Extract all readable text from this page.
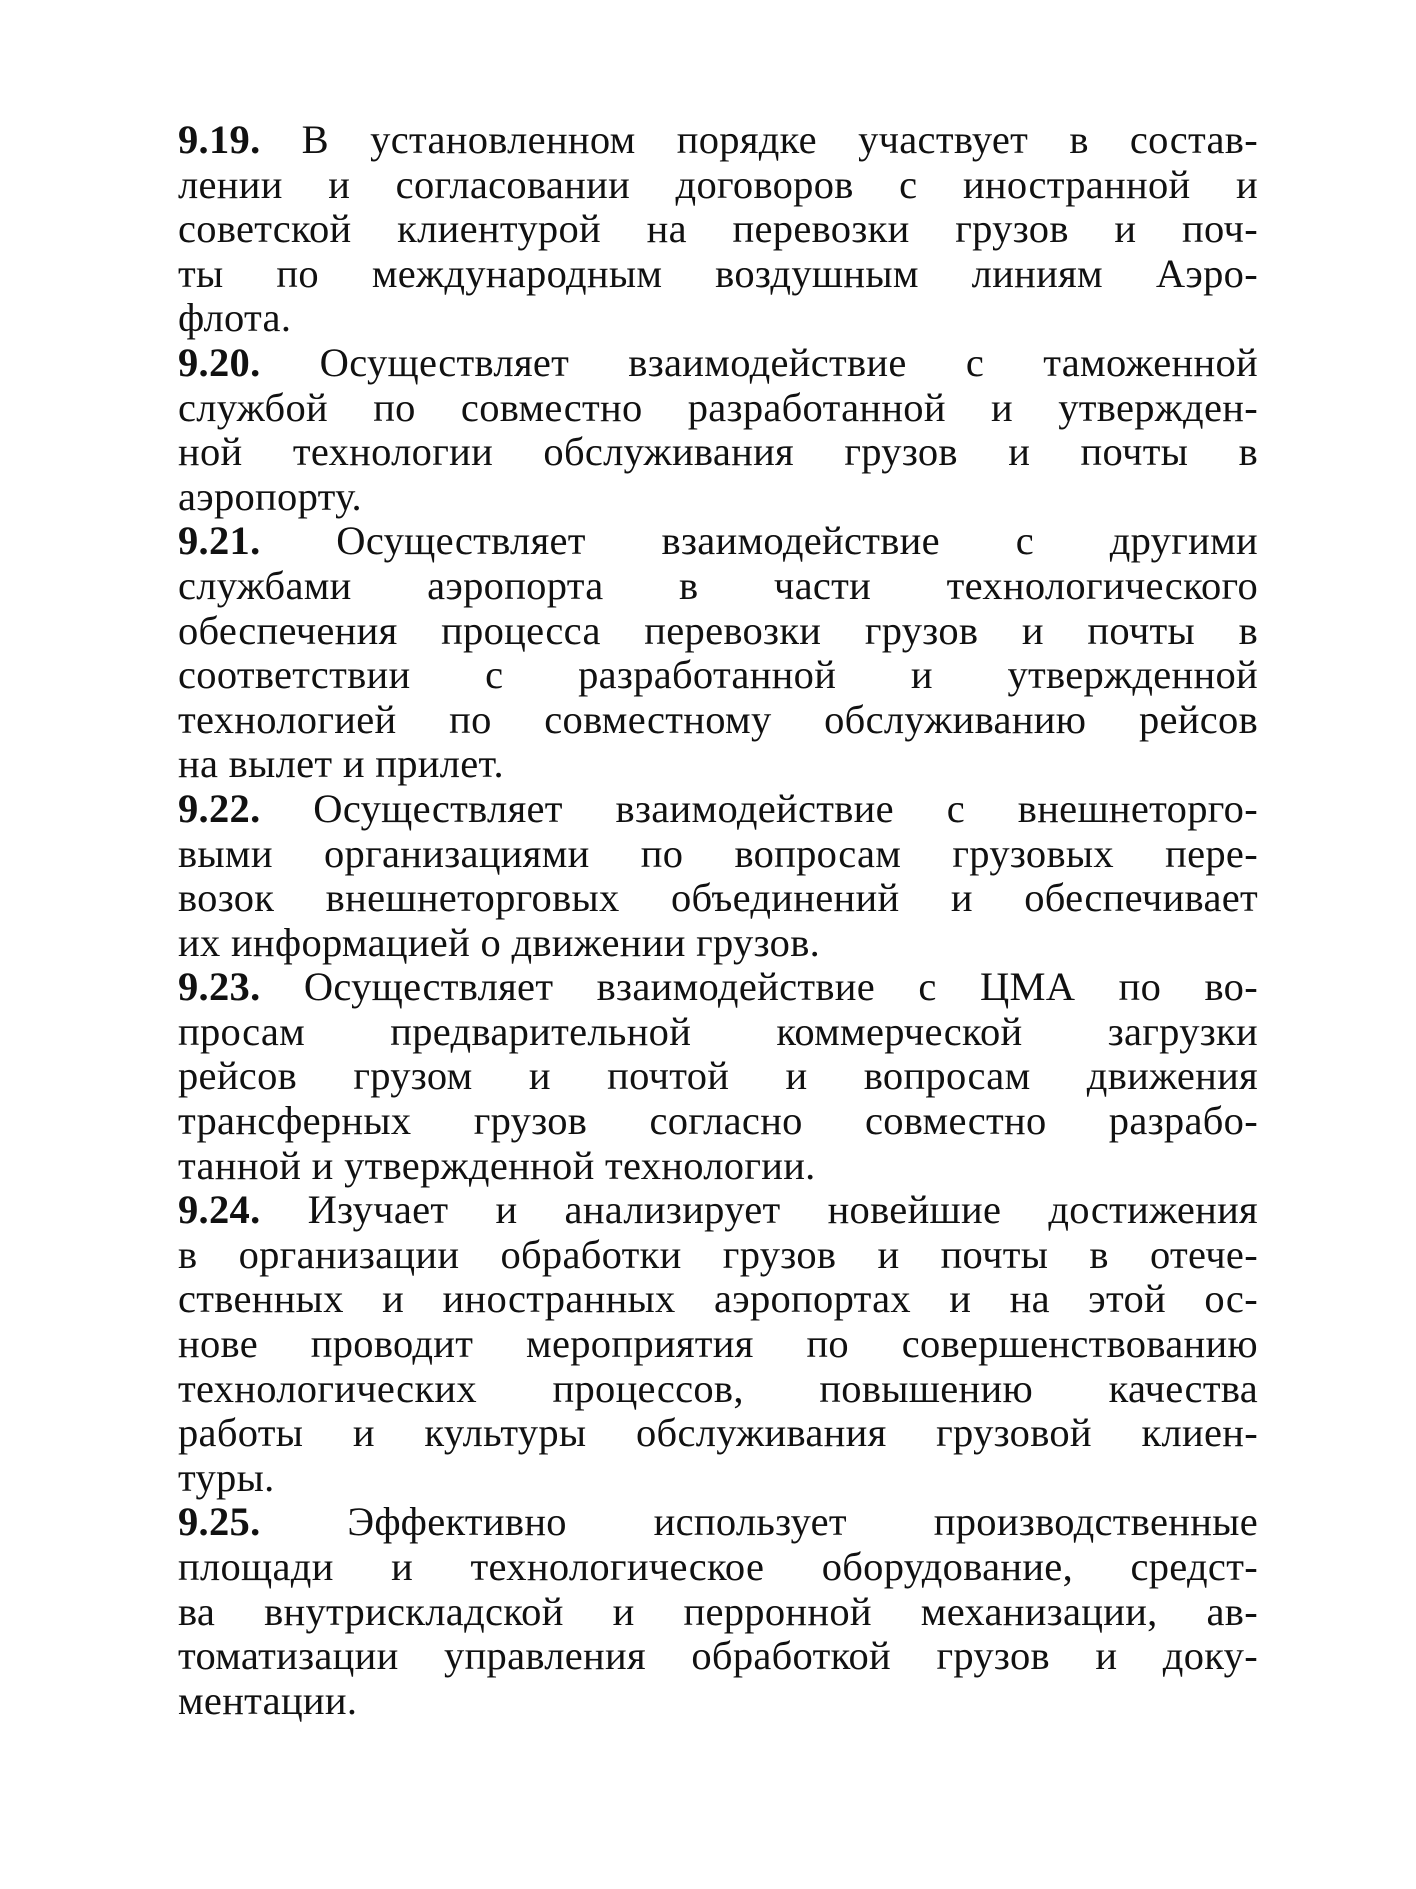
9.19. В установленном порядке участвует в состав-
лении и согласовании договоров с иностранной и
советской клиентурой на перевозки грузов и поч-
ты по международным воздушным линиям Аэро-
флота.
9.20. Осуществляет взаимодействие с таможенной
службой по совместно разработанной и утвержден-
ной технологии обслуживания грузов и почты в
аэропорту.
9.21. Осуществляет взаимодействие с другими
службами аэропорта в части технологического
обеспечения процесса перевозки грузов и почты в
соответствии с разработанной и утвержденной
технологией по совместному обслуживанию рейсов
на вылет и прилет.
9.22. Осуществляет взаимодействие с внешнеторго-
выми организациями по вопросам грузовых пере-
возок внешнеторговых объединений и обеспечивает
их информацией о движении грузов.
9.23. Осуществляет взаимодействие с ЦМА по во-
просам предварительной коммерческой загрузки
рейсов грузом и почтой и вопросам движения
трансферных грузов согласно совместно разрабо-
танной и утвержденной технологии.
9.24. Изучает и анализирует новейшие достижения
в организации обработки грузов и почты в отече-
ственных и иностранных аэропортах и на этой ос-
нове проводит мероприятия по совершенствованию
технологических процессов, повышению качества
работы и культуры обслуживания грузовой клиен-
туры.
9.25. Эффективно использует производственные
площади и технологическое оборудование, средст-
ва внутрискладской и перронной механизации, ав-
томатизации управления обработкой грузов и доку-
ментации.
